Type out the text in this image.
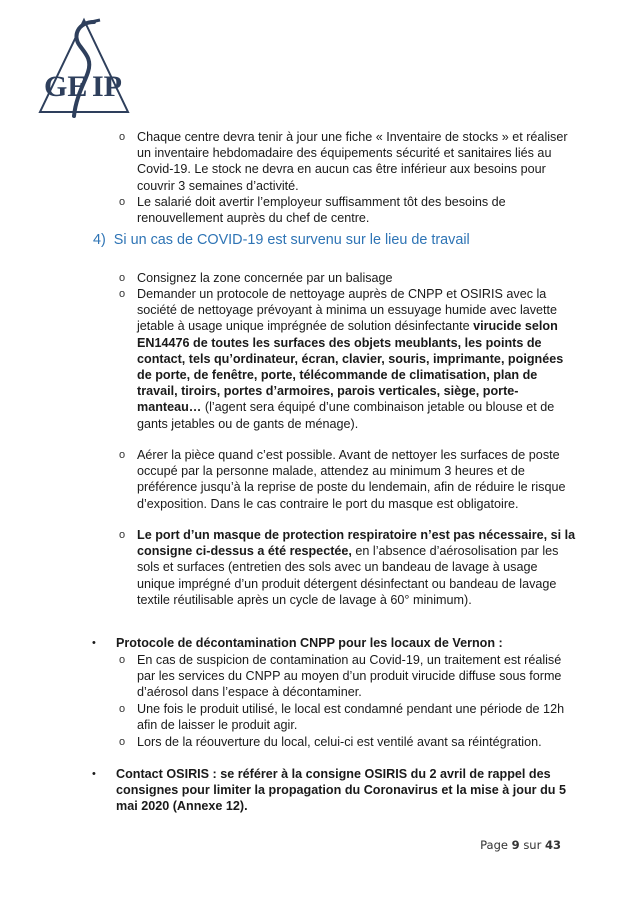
GE IP
o Chaque centre devra tenir à jour une fiche « Inventaire de stocks » et réaliser un inventaire hebdomadaire des équipements sécurité et sanitaires liés au Covid-19. Le stock ne devra en aucun cas être inférieur aux besoins pour couvrir 3 semaines d’activité.
o Le salarié doit avertir l’employeur suffisamment tôt des besoins de renouvellement auprès du chef de centre.
4) Si un cas de COVID-19 est survenu sur le lieu de travail
o Consignez la zone concernée par un balisage
o Demander un protocole de nettoyage auprès de CNPP et OSIRIS avec la société de nettoyage prévoyant à minima un essuyage humide avec lavette jetable à usage unique imprégnée de solution désinfectante virucide selon EN14476 de toutes les surfaces des objets meublants, les points de contact, tels qu’ordinateur, écran, clavier, souris, imprimante, poignées de porte, de fenêtre, porte, télécommande de climatisation, plan de travail, tiroirs, portes d’armoires, parois verticales, siège, porte-manteau… (l’agent sera équipé d’une combinaison jetable ou blouse et de gants jetables ou de gants de ménage).
o Aérer la pièce quand c’est possible. Avant de nettoyer les surfaces de poste occupé par la personne malade, attendez au minimum 3 heures et de préférence jusqu’à la reprise de poste du lendemain, afin de réduire le risque d’exposition. Dans le cas contraire le port du masque est obligatoire.
o Le port d’un masque de protection respiratoire n’est pas nécessaire, si la consigne ci-dessus a été respectée, en l’absence d’aérosolisation par les sols et surfaces (entretien des sols avec un bandeau de lavage à usage unique imprégné d’un produit détergent désinfectant ou bandeau de lavage textile réutilisable après un cycle de lavage à 60° minimum).
• Protocole de décontamination CNPP pour les locaux de Vernon :
o En cas de suspicion de contamination au Covid-19, un traitement est réalisé par les services du CNPP au moyen d’un produit virucide diffuse sous forme d’aérosol dans l’espace à décontaminer.
o Une fois le produit utilisé, le local est condamné pendant une période de 12h afin de laisser le produit agir.
o Lors de la réouverture du local, celui-ci est ventilé avant sa réintégration.
• Contact OSIRIS : se référer à la consigne OSIRIS du 2 avril de rappel des consignes pour limiter la propagation du Coronavirus et la mise à jour du 5 mai 2020 (Annexe 12).
Page 9 sur 43
